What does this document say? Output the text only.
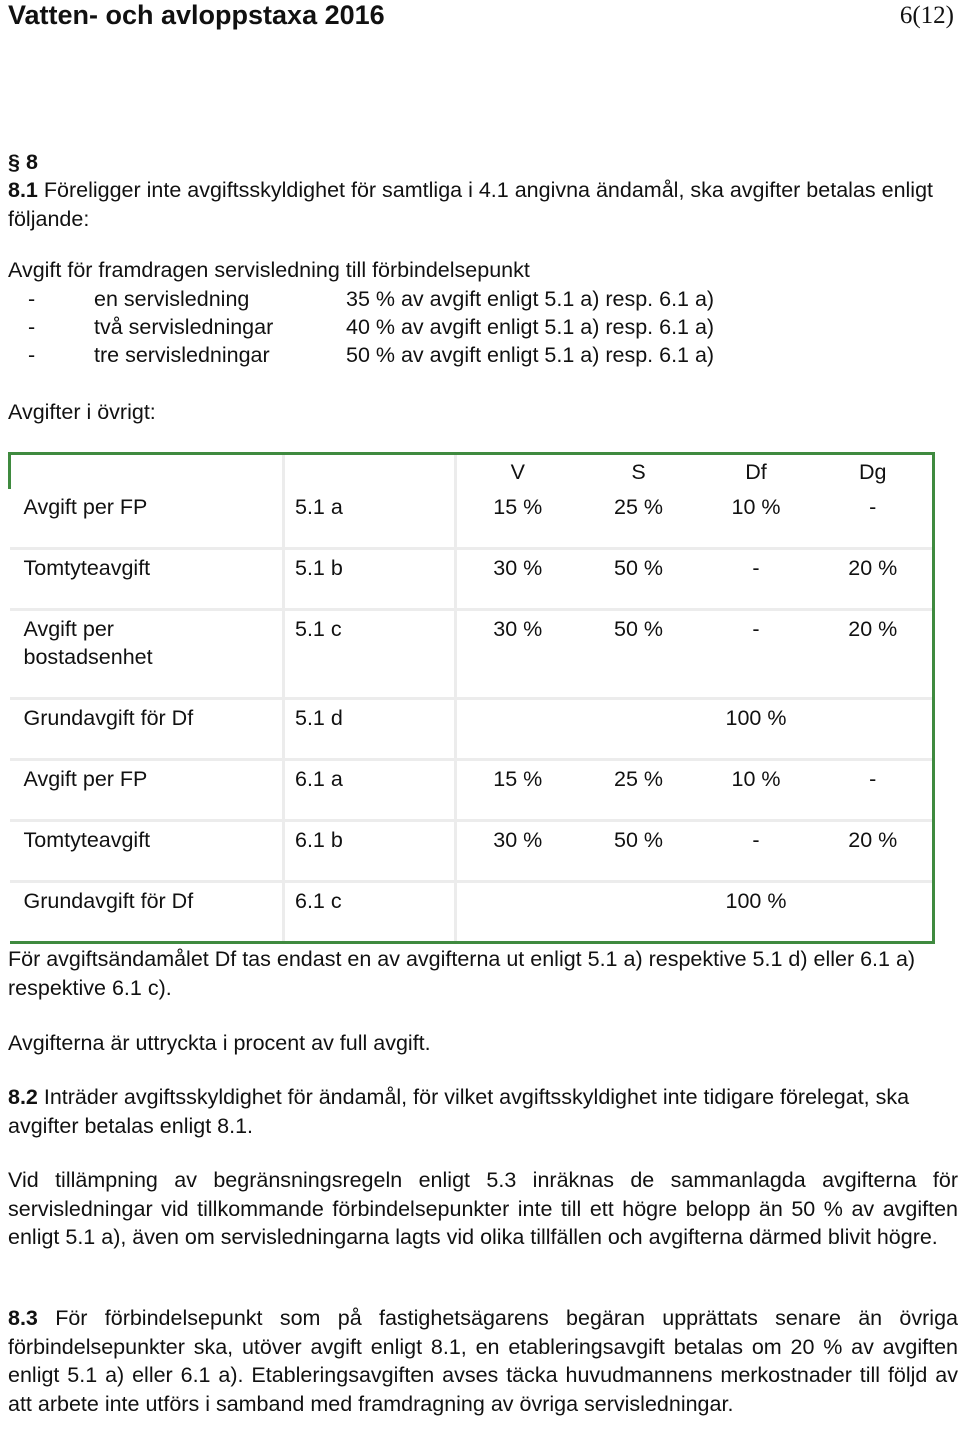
Vatten- och avloppstaxa 2016	6(12)
§ 8
8.1 Föreligger inte avgiftsskyldighet för samtliga i 4.1 angivna ändamål, ska avgifter betalas enligt följande:
Avgift för framdragen servisledning till förbindelsepunkt
-	en servisledning	35 % av avgift enligt 5.1 a) resp. 6.1 a)
-	två servisledningar	40 % av avgift enligt 5.1 a) resp. 6.1 a)
-	tre servisledningar	50 % av avgift enligt 5.1 a) resp. 6.1 a)
Avgifter i övrigt:
		V	S	Df	Dg
Avgift per FP	5.1 a	15 %	25 %	10 %	-
Tomtyteavgift	5.1 b	30 %	50 %	-	20 %
Avgift per
bostadsenhet	5.1 c	30 %	50 %	-	20 %
Grundavgift för Df	5.1 d			100 %	
Avgift per FP	6.1 a	15 %	25 %	10 %	-
Tomtyteavgift	6.1 b	30 %	50 %	-	20 %
Grundavgift för Df	6.1 c			100 %	
För avgiftsändamålet Df tas endast en av avgifterna ut enligt 5.1 a) respektive 5.1 d) eller 6.1 a) respektive 6.1 c).
Avgifterna är uttryckta i procent av full avgift.
8.2 Inträder avgiftsskyldighet för ändamål, för vilket avgiftsskyldighet inte tidigare förelegat, ska avgifter betalas enligt 8.1.
Vid tillämpning av begränsningsregeln enligt 5.3 inräknas de sammanlagda avgifterna för servisledningar vid tillkommande förbindelsepunkter inte till ett högre belopp än 50 % av avgiften enligt 5.1 a), även om servisledningarna lagts vid olika tillfällen och avgifterna därmed blivit högre.
8.3 För förbindelsepunkt som på fastighetsägarens begäran upprättats senare än övriga förbindelsepunkter ska, utöver avgift enligt 8.1, en etableringsavgift betalas om 20 % av avgiften enligt 5.1 a) eller 6.1 a). Etableringsavgiften avses täcka huvudmannens merkostnader till följd av att arbete inte utförs i samband med framdragning av övriga servisledningar.
